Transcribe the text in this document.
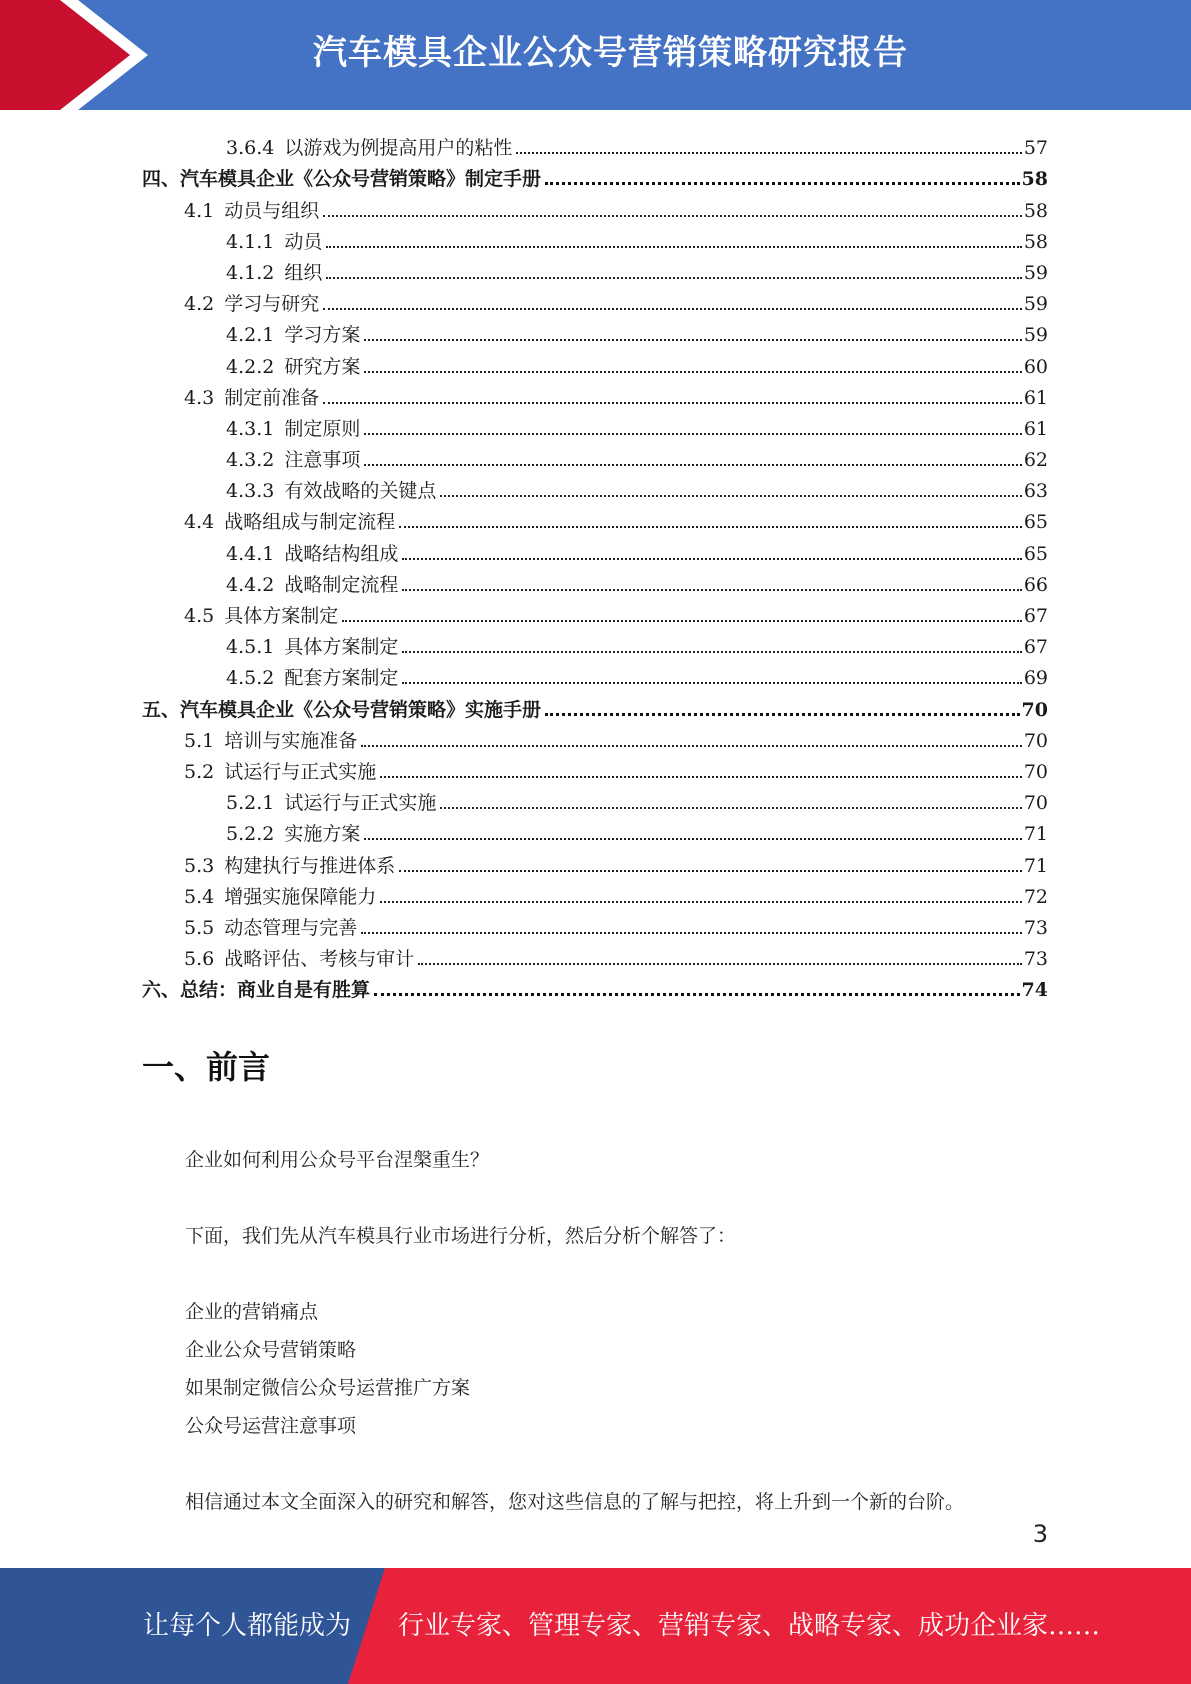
汽车模具企业公众号营销策略研究报告
3.6.4 以游戏为例提高用户的粘性	57
四、汽车模具企业《公众号营销策略》制定手册	58
4.1 动员与组织	58
4.1.1 动员	58
4.1.2 组织	59
4.2 学习与研究	59
4.2.1 学习方案	59
4.2.2 研究方案	60
4.3 制定前准备	61
4.3.1 制定原则	61
4.3.2 注意事项	62
4.3.3 有效战略的关键点	63
4.4 战略组成与制定流程	65
4.4.1 战略结构组成	65
4.4.2 战略制定流程	66
4.5 具体方案制定	67
4.5.1 具体方案制定	67
4.5.2 配套方案制定	69
五、汽车模具企业《公众号营销策略》实施手册	70
5.1 培训与实施准备	70
5.2 试运行与正式实施	70
5.2.1 试运行与正式实施	70
5.2.2 实施方案	71
5.3 构建执行与推进体系	71
5.4 增强实施保障能力	72
5.5 动态管理与完善	73
5.6 战略评估、考核与审计	73
六、总结：商业自是有胜算	74
一、前言
企业如何利用公众号平台涅槃重生？
下面，我们先从汽车模具行业市场进行分析，然后分析个解答了：
企业的营销痛点
企业公众号营销策略
如果制定微信公众号运营推广方案
公众号运营注意事项
相信通过本文全面深入的研究和解答，您对这些信息的了解与把控，将上升到一个新的台阶。
3
让每个人都能成为 行业专家、管理专家、营销专家、战略专家、成功企业家……
